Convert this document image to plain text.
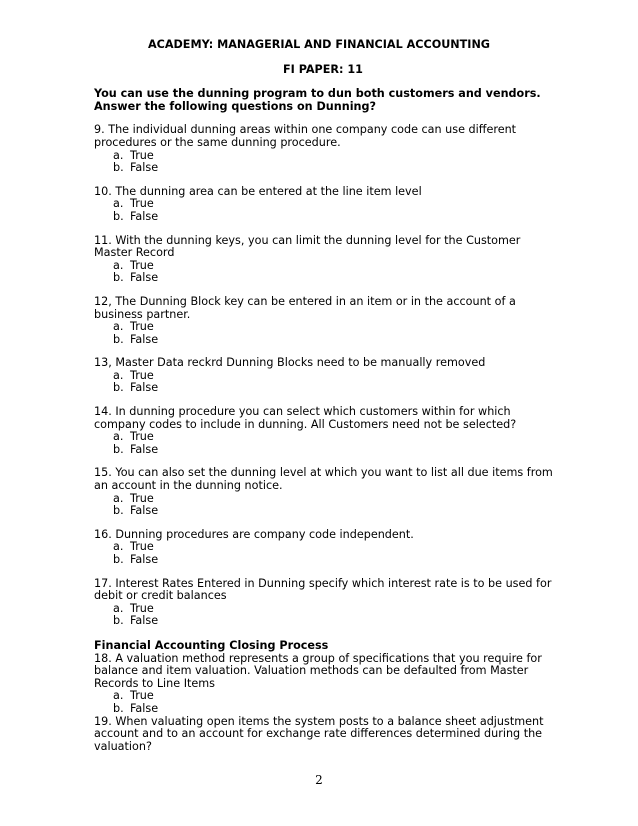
ACADEMY: MANAGERIAL AND FINANCIAL ACCOUNTING
FI PAPER: 11
You can use the dunning program to dun both customers and vendors. Answer the following questions on Dunning?
9. The individual dunning areas within one company code can use different procedures or the same dunning procedure.
a. True
b. False
10. The dunning area can be entered at the line item level
a. True
b. False
11. With the dunning keys, you can limit the dunning level for the Customer Master Record
a. True
b. False
12, The Dunning Block key can be entered in an item or in the account of a business partner.
a. True
b. False
13, Master Data reckrd Dunning Blocks need to be manually removed
a. True
b. False
14. In dunning procedure you can select which customers within for which company codes to include in dunning. All Customers need not be selected?
a. True
b. False
15. You can also set the dunning level at which you want to list all due items from an account in the dunning notice.
a. True
b. False
16. Dunning procedures are company code independent.
a. True
b. False
17. Interest Rates Entered in Dunning specify which interest rate is to be used for debit or credit balances
a. True
b. False
Financial Accounting Closing Process
18. A valuation method represents a group of specifications that you require for balance and item valuation. Valuation methods can be defaulted from Master Records to Line Items
a. True
b. False
19. When valuating open items the system posts to a balance sheet adjustment account and to an account for exchange rate differences determined during the valuation?
2
